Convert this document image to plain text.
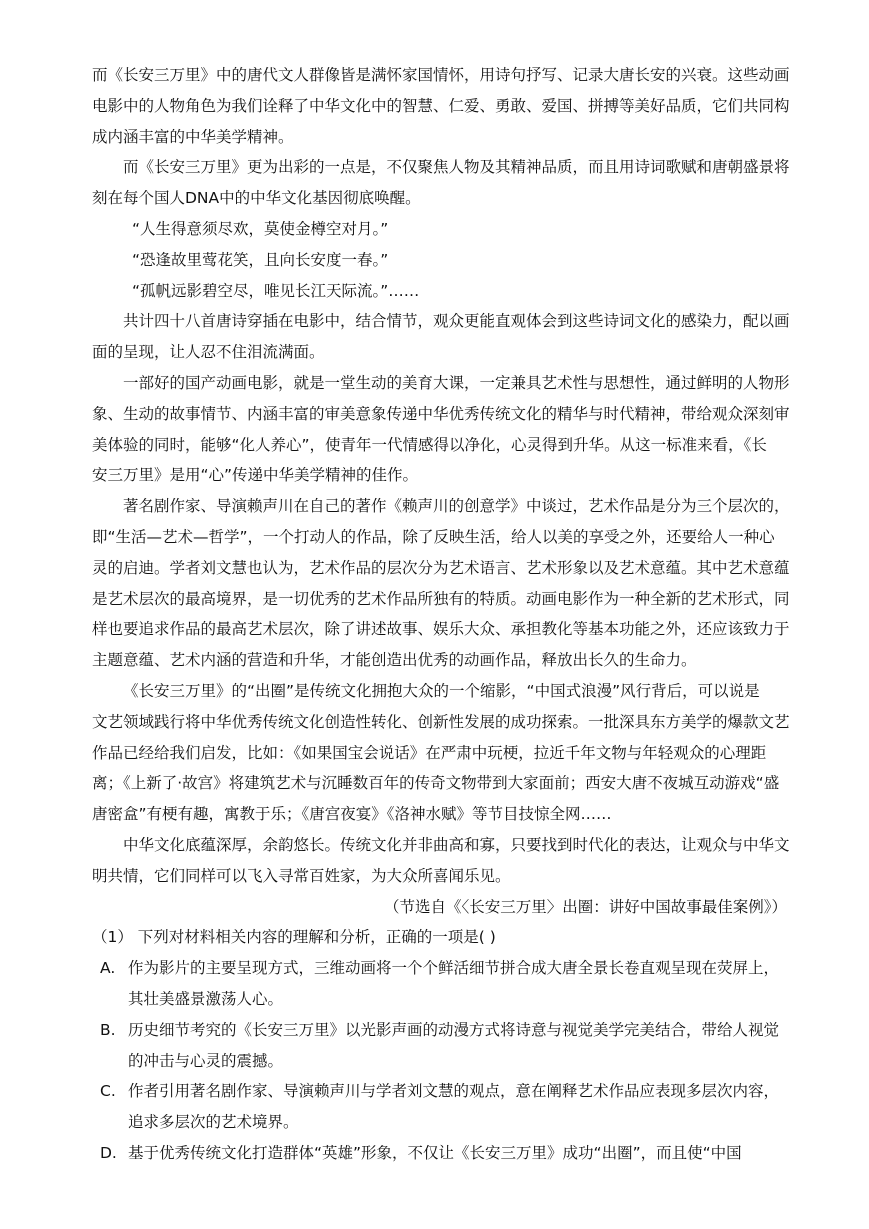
而《长安三万里》中的唐代文人群像皆是满怀家国情怀，用诗句抒写、记录大唐长安的兴衰。这些动画
电影中的人物角色为我们诠释了中华文化中的智慧、仁爱、勇敢、爱国、拼搏等美好品质，它们共同构
成内涵丰富的中华美学精神。
而《长安三万里》更为出彩的一点是，不仅聚焦人物及其精神品质，而且用诗词歌赋和唐朝盛景将
刻在每个国人DNA中的中华文化基因彻底唤醒。
“人生得意须尽欢，莫使金樽空对月。”
“恐逢故里莺花笑，且向长安度一春。”
“孤帆远影碧空尽，唯见长江天际流。”……
共计四十八首唐诗穿插在电影中，结合情节，观众更能直观体会到这些诗词文化的感染力，配以画
面的呈现，让人忍不住泪流满面。
一部好的国产动画电影，就是一堂生动的美育大课，一定兼具艺术性与思想性，通过鲜明的人物形
象、生动的故事情节、内涵丰富的审美意象传递中华优秀传统文化的精华与时代精神，带给观众深刻审
美体验的同时，能够“化人养心”，使青年一代情感得以净化，心灵得到升华。从这一标准来看，《长
安三万里》是用“心”传递中华美学精神的佳作。
著名剧作家、导演赖声川在自己的著作《赖声川的创意学》中谈过，艺术作品是分为三个层次的，
即“生活—艺术—哲学”，一个打动人的作品，除了反映生活，给人以美的享受之外，还要给人一种心
灵的启迪。学者刘文慧也认为，艺术作品的层次分为艺术语言、艺术形象以及艺术意蕴。其中艺术意蕴
是艺术层次的最高境界，是一切优秀的艺术作品所独有的特质。动画电影作为一种全新的艺术形式，同
样也要追求作品的最高艺术层次，除了讲述故事、娱乐大众、承担教化等基本功能之外，还应该致力于
主题意蕴、艺术内涵的营造和升华，才能创造出优秀的动画作品，释放出长久的生命力。
《长安三万里》的“出圈”是传统文化拥抱大众的一个缩影，“中国式浪漫”风行背后，可以说是
文艺领域践行将中华优秀传统文化创造性转化、创新性发展的成功探索。一批深具东方美学的爆款文艺
作品已经给我们启发，比如：《如果国宝会说话》在严肃中玩梗，拉近千年文物与年轻观众的心理距
离；《上新了·故宫》将建筑艺术与沉睡数百年的传奇文物带到大家面前；西安大唐不夜城互动游戏“盛
唐密盒”有梗有趣，寓教于乐；《唐宫夜宴》《洛神水赋》等节目技惊全网……
中华文化底蕴深厚，余韵悠长。传统文化并非曲高和寡，只要找到时代化的表达，让观众与中华文
明共情，它们同样可以飞入寻常百姓家，为大众所喜闻乐见。
（节选自《〈长安三万里〉出圈：讲好中国故事最佳案例》）
（1） 下列对材料相关内容的理解和分析，正确的一项是( )
A. 作为影片的主要呈现方式，三维动画将一个个鲜活细节拼合成大唐全景长卷直观呈现在荧屏上，
其壮美盛景激荡人心。
B. 历史细节考究的《长安三万里》以光影声画的动漫方式将诗意与视觉美学完美结合，带给人视觉
的冲击与心灵的震撼。
C. 作者引用著名剧作家、导演赖声川与学者刘文慧的观点，意在阐释艺术作品应表现多层次内容，
追求多层次的艺术境界。
D. 基于优秀传统文化打造群体“英雄”形象，不仅让《长安三万里》成功“出圈”，而且使“中国
